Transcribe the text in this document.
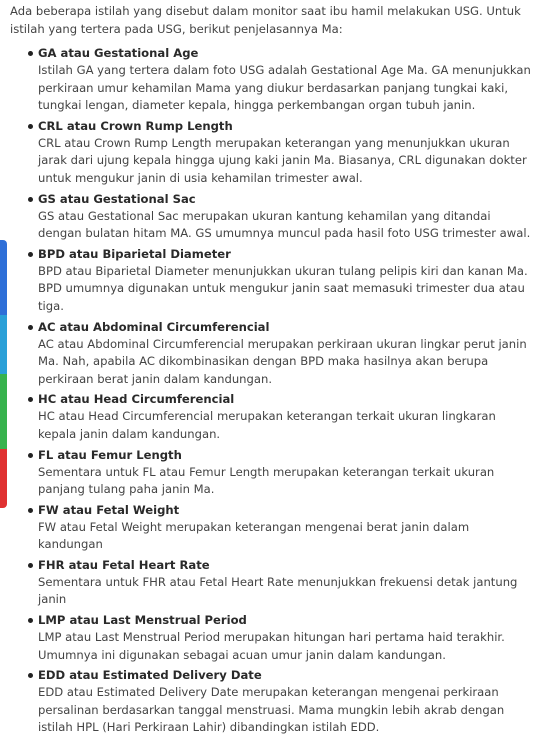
Ada beberapa istilah yang disebut dalam monitor saat ibu hamil melakukan USG. Untuk istilah yang tertera pada USG, berikut penjelasannya Ma:

GA atau Gestational Age
Istilah GA yang tertera dalam foto USG adalah Gestational Age Ma. GA menunjukkan perkiraan umur kehamilan Mama yang diukur berdasarkan panjang tungkai kaki, tungkai lengan, diameter kepala, hingga perkembangan organ tubuh janin.
CRL atau Crown Rump Length
CRL atau Crown Rump Length merupakan keterangan yang menunjukkan ukuran jarak dari ujung kepala hingga ujung kaki janin Ma. Biasanya, CRL digunakan dokter untuk mengukur janin di usia kehamilan trimester awal.
GS atau Gestational Sac
GS atau Gestational Sac merupakan ukuran kantung kehamilan yang ditandai dengan bulatan hitam MA. GS umumnya muncul pada hasil foto USG trimester awal.
BPD atau Biparietal Diameter
BPD atau Biparietal Diameter menunjukkan ukuran tulang pelipis kiri dan kanan Ma. BPD umumnya digunakan untuk mengukur janin saat memasuki trimester dua atau tiga.
AC atau Abdominal Circumferencial
AC atau Abdominal Circumferencial merupakan perkiraan ukuran lingkar perut janin Ma. Nah, apabila AC dikombinasikan dengan BPD maka hasilnya akan berupa perkiraan berat janin dalam kandungan.
HC atau Head Circumferencial
HC atau Head Circumferencial merupakan keterangan terkait ukuran lingkaran kepala janin dalam kandungan.
FL atau Femur Length
Sementara untuk FL atau Femur Length merupakan keterangan terkait ukuran panjang tulang paha janin Ma.
FW atau Fetal Weight
FW atau Fetal Weight merupakan keterangan mengenai berat janin dalam kandungan
FHR atau Fetal Heart Rate
Sementara untuk FHR atau Fetal Heart Rate menunjukkan frekuensi detak jantung janin
LMP atau Last Menstrual Period
LMP atau Last Menstrual Period merupakan hitungan hari pertama haid terakhir. Umumnya ini digunakan sebagai acuan umur janin dalam kandungan.
EDD atau Estimated Delivery Date
EDD atau Estimated Delivery Date merupakan keterangan mengenai perkiraan persalinan berdasarkan tanggal menstruasi. Mama mungkin lebih akrab dengan istilah HPL (Hari Perkiraan Lahir) dibandingkan istilah EDD.
